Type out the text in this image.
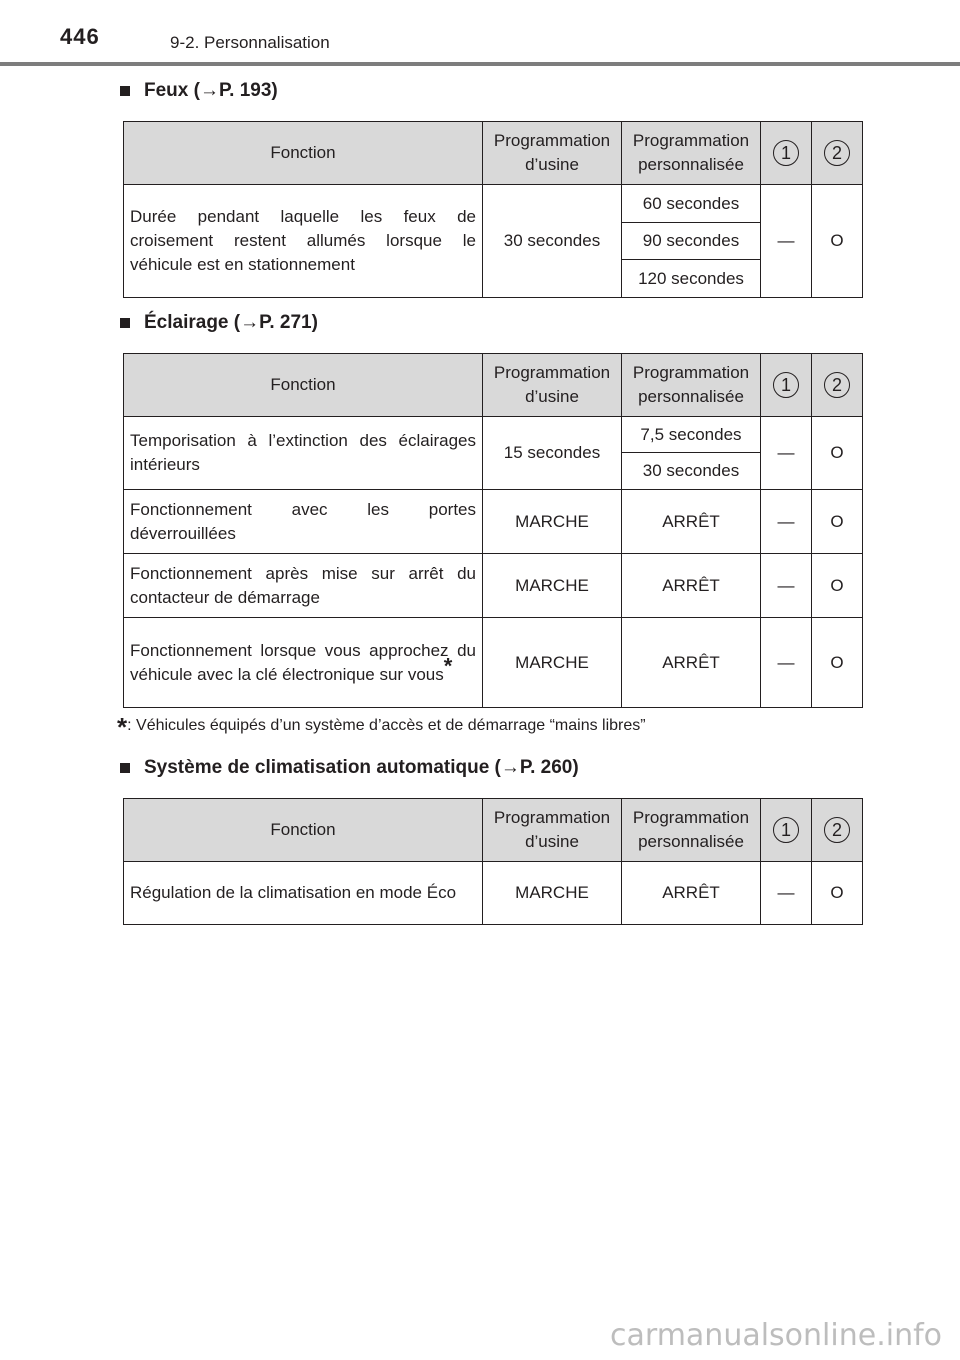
446	9-2. Personnalisation
Feux (→P. 193)
Fonction	Programmation d’usine	Programmation personnalisée	1	2
Durée pendant laquelle les feux de croisement restent allumés lorsque le véhicule est en stationnement	30 secondes	60 secondes	—	O
		90 secondes		
		120 secondes		
Éclairage (→P. 271)
Fonction	Programmation d’usine	Programmation personnalisée	1	2
Temporisation à l’extinction des éclairages intérieurs	15 secondes	7,5 secondes	—	O
		30 secondes		
Fonctionnement avec les portes déverrouillées	MARCHE	ARRÊT	—	O
Fonctionnement après mise sur arrêt du contacteur de démarrage	MARCHE	ARRÊT	—	O
Fonctionnement lorsque vous approchez du véhicule avec la clé électronique sur vous*	MARCHE	ARRÊT	—	O
*: Véhicules équipés d’un système d’accès et de démarrage “mains libres”
Système de climatisation automatique (→P. 260)
Fonction	Programmation d’usine	Programmation personnalisée	1	2
Régulation de la climatisation en mode Éco	MARCHE	ARRÊT	—	O
carmanualsonline.info
